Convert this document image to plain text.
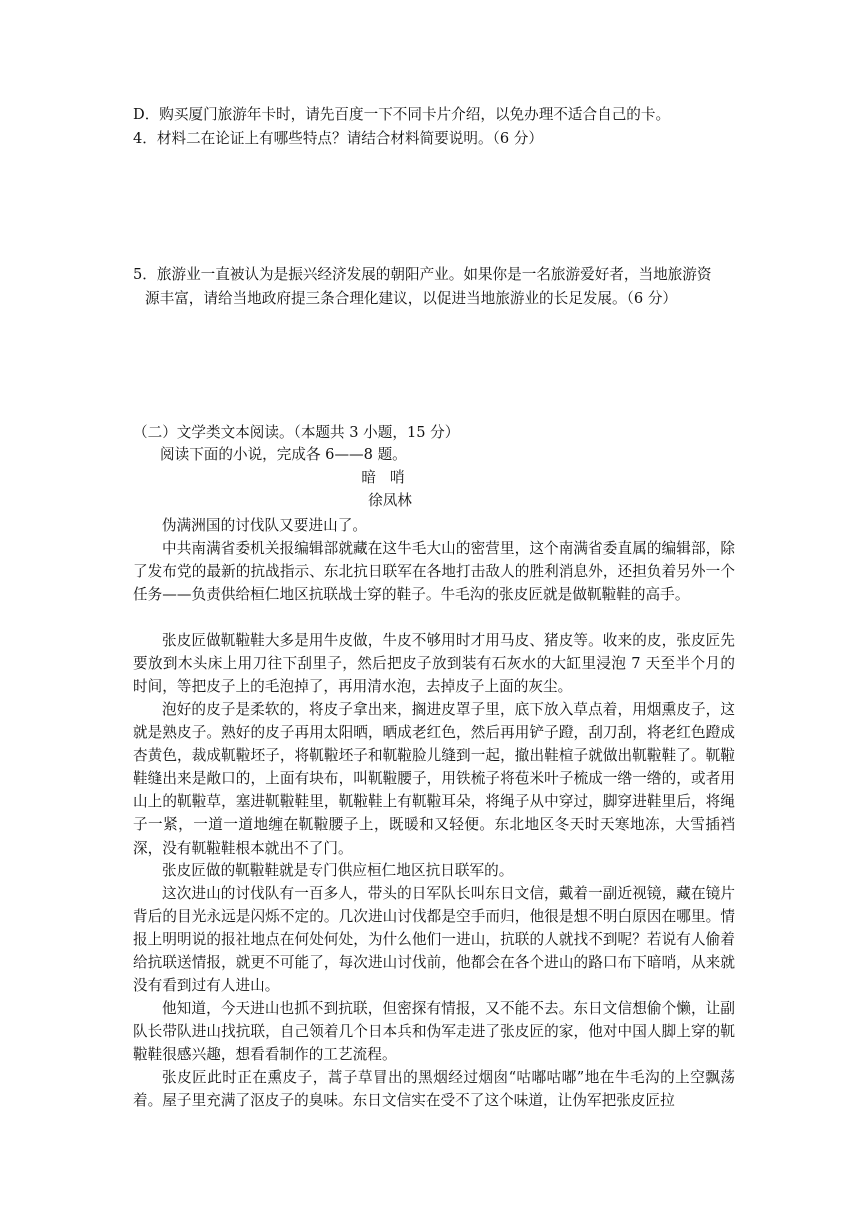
D．购买厦门旅游年卡时，请先百度一下不同卡片介绍，以免办理不适合自己的卡。
4．材料二在论证上有哪些特点？请结合材料简要说明。（6 分）
5．旅游业一直被认为是振兴经济发展的朝阳产业。如果你是一名旅游爱好者，当地旅游资
源丰富，请给当地政府提三条合理化建议，以促进当地旅游业的长足发展。（6 分）
（二）文学类文本阅读。（本题共 3 小题，15 分）
阅读下面的小说，完成各 6——8 题。
暗哨
徐凤林
伪满洲国的讨伐队又要进山了。
中共南满省委机关报编辑部就藏在这牛毛大山的密营里，这个南满省委直属的编辑部，除了发布党的最新的抗战指示、东北抗日联军在各地打击敌人的胜利消息外，还担负着另外一个任务——负责供给桓仁地区抗联战士穿的鞋子。牛毛沟的张皮匠就是做靰鞡鞋的高手。
张皮匠做靰鞡鞋大多是用牛皮做，牛皮不够用时才用马皮、猪皮等。收来的皮，张皮匠先要放到木头床上用刀往下刮里子，然后把皮子放到装有石灰水的大缸里浸泡 7 天至半个月的时间，等把皮子上的毛泡掉了，再用清水泡，去掉皮子上面的灰尘。
泡好的皮子是柔软的，将皮子拿出来，搁进皮罩子里，底下放入草点着，用烟熏皮子，这就是熟皮子。熟好的皮子再用太阳晒，晒成老红色，然后再用铲子蹬，刮刀刮，将老红色蹬成杏黄色，裁成靰鞡坯子，将靰鞡坯子和靰鞡脸儿缝到一起，撤出鞋楦子就做出靰鞡鞋了。靰鞡鞋缝出来是敞口的，上面有块布，叫靰鞡腰子，用铁梳子将苞米叶子梳成一绺一绺的，或者用山上的靰鞡草，塞进靰鞡鞋里，靰鞡鞋上有靰鞡耳朵，将绳子从中穿过，脚穿进鞋里后，将绳子一紧，一道一道地缠在靰鞡腰子上，既暖和又轻便。东北地区冬天时天寒地冻，大雪插裆深，没有靰鞡鞋根本就出不了门。
张皮匠做的靰鞡鞋就是专门供应桓仁地区抗日联军的。
这次进山的讨伐队有一百多人，带头的日军队长叫东日文信，戴着一副近视镜，藏在镜片背后的目光永远是闪烁不定的。几次进山讨伐都是空手而归，他很是想不明白原因在哪里。情报上明明说的报社地点在何处何处，为什么他们一进山，抗联的人就找不到呢？若说有人偷着给抗联送情报，就更不可能了，每次进山讨伐前，他都会在各个进山的路口布下暗哨，从来就没有看到过有人进山。
他知道，今天进山也抓不到抗联，但密探有情报，又不能不去。东日文信想偷个懒，让副队长带队进山找抗联，自己领着几个日本兵和伪军走进了张皮匠的家，他对中国人脚上穿的靰鞡鞋很感兴趣，想看看制作的工艺流程。
张皮匠此时正在熏皮子，蒿子草冒出的黑烟经过烟囱“咕嘟咕嘟”地在牛毛沟的上空飘荡着。屋子里充满了沤皮子的臭味。东日文信实在受不了这个味道，让伪军把张皮匠拉
